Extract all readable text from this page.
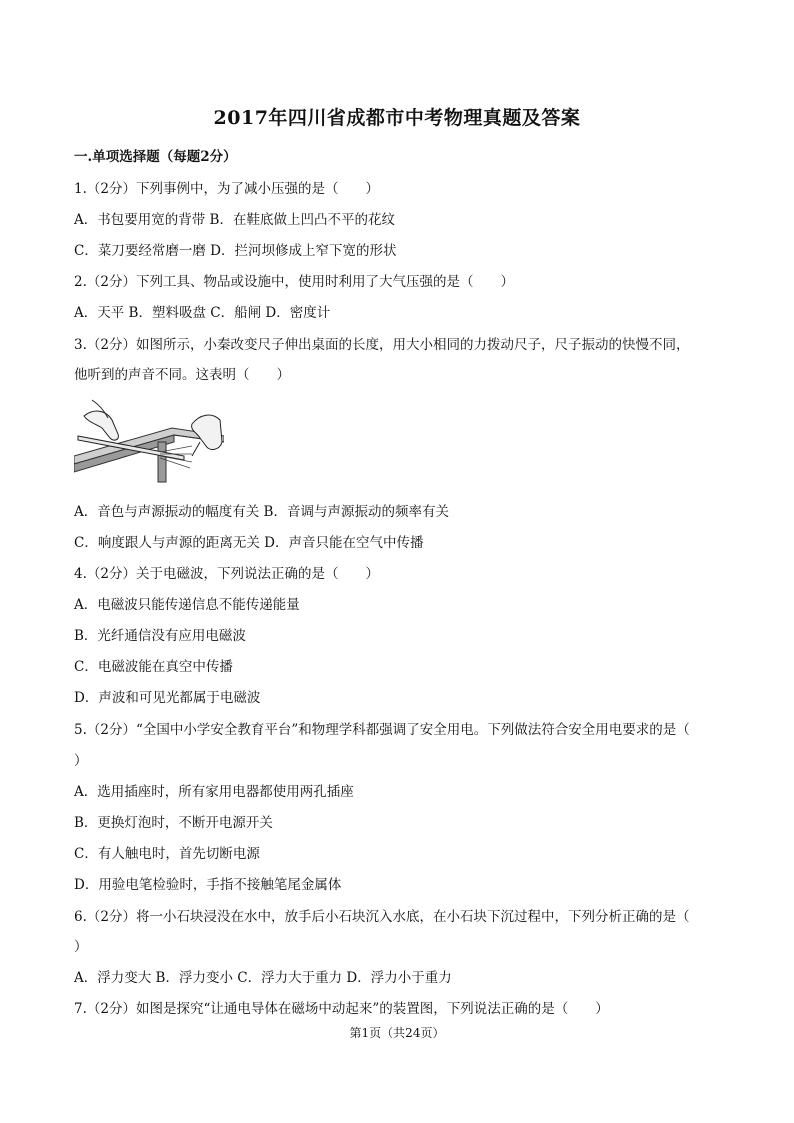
2017年四川省成都市中考物理真题及答案
一.单项选择题（每题2分）
1.（2分）下列事例中，为了减小压强的是（　　）
A．书包要用宽的背带 B．在鞋底做上凹凸不平的花纹
C．菜刀要经常磨一磨 D．拦河坝修成上窄下宽的形状
2.（2分）下列工具、物品或设施中，使用时利用了大气压强的是（　　）
A．天平 B．塑料吸盘 C．船闸 D．密度计
3.（2分）如图所示，小秦改变尺子伸出桌面的长度，用大小相同的力拨动尺子，尺子振动的快慢不同，
他听到的声音不同。这表明（　　）
A．音色与声源振动的幅度有关 B．音调与声源振动的频率有关
C．响度跟人与声源的距离无关 D．声音只能在空气中传播
4.（2分）关于电磁波，下列说法正确的是（　　）
A．电磁波只能传递信息不能传递能量
B．光纤通信没有应用电磁波
C．电磁波能在真空中传播
D．声波和可见光都属于电磁波
5.（2分）“全国中小学安全教育平台”和物理学科都强调了安全用电。下列做法符合安全用电要求的是（
）
A．选用插座时，所有家用电器都使用两孔插座
B．更换灯泡时，不断开电源开关
C．有人触电时，首先切断电源
D．用验电笔检验时，手指不接触笔尾金属体
6.（2分）将一小石块浸没在水中，放手后小石块沉入水底，在小石块下沉过程中，下列分析正确的是（
）
A．浮力变大 B．浮力变小 C．浮力大于重力 D．浮力小于重力
7.（2分）如图是探究“让通电导体在磁场中动起来”的装置图，下列说法正确的是（　　）
第1页（共24页）
